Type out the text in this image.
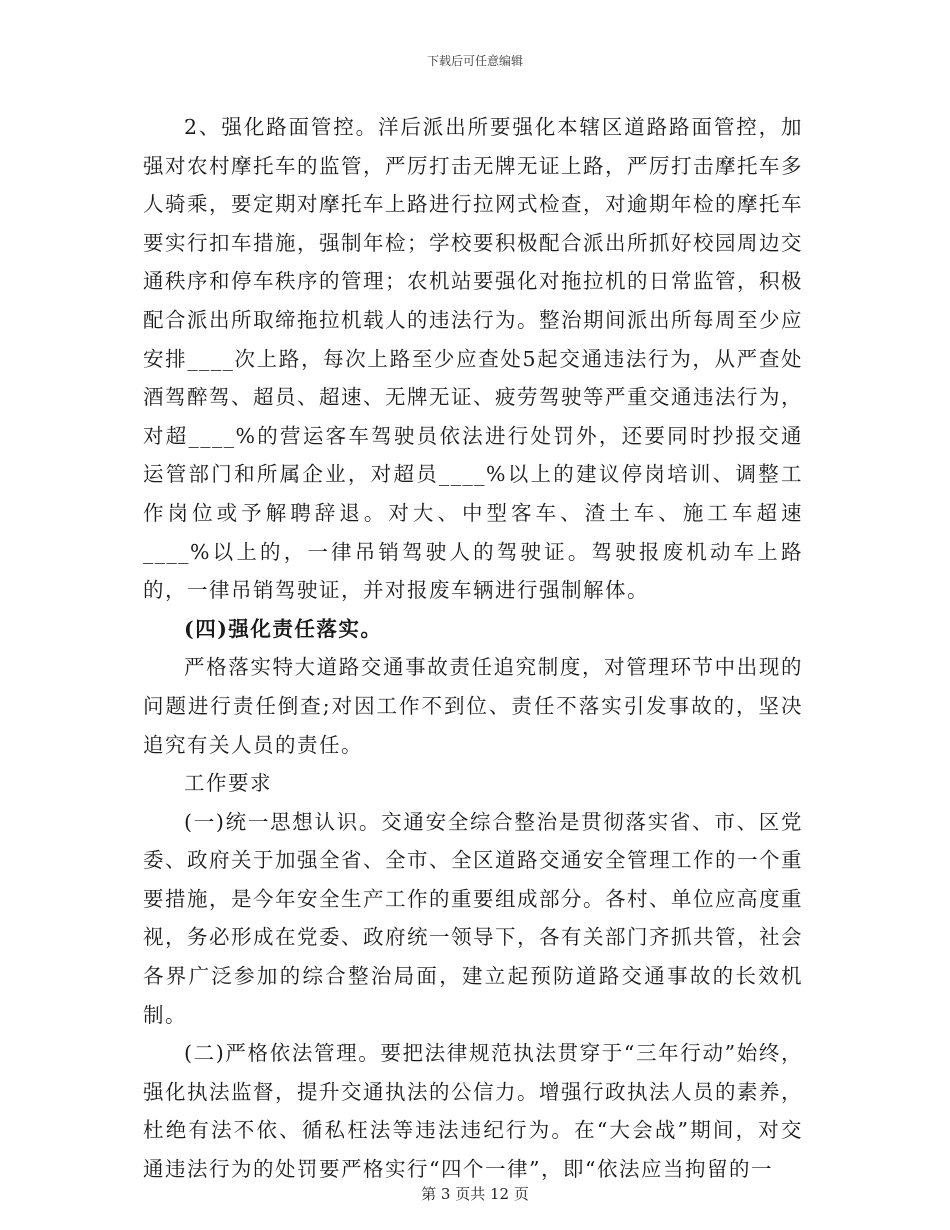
下载后可任意编辑

2、强化路面管控。洋后派出所要强化本辖区道路路面管控，加强对农村摩托车的监管，严厉打击无牌无证上路，严厉打击摩托车多人骑乘，要定期对摩托车上路进行拉网式检查，对逾期年检的摩托车要实行扣车措施，强制年检；学校要积极配合派出所抓好校园周边交通秩序和停车秩序的管理；农机站要强化对拖拉机的日常监管，积极配合派出所取缔拖拉机载人的违法行为。整治期间派出所每周至少应安排____次上路，每次上路至少应查处5起交通违法行为，从严查处酒驾醉驾、超员、超速、无牌无证、疲劳驾驶等严重交通违法行为，对超____%的营运客车驾驶员依法进行处罚外，还要同时抄报交通运管部门和所属企业，对超员____%以上的建议停岗培训、调整工作岗位或予解聘辞退。对大、中型客车、渣土车、施工车超速____%以上的，一律吊销驾驶人的驾驶证。驾驶报废机动车上路的，一律吊销驾驶证，并对报废车辆进行强制解体。

(四)强化责任落实。

严格落实特大道路交通事故责任追究制度，对管理环节中出现的问题进行责任倒查;对因工作不到位、责任不落实引发事故的，坚决追究有关人员的责任。

工作要求

(一)统一思想认识。交通安全综合整治是贯彻落实省、市、区党委、政府关于加强全省、全市、全区道路交通安全管理工作的一个重要措施，是今年安全生产工作的重要组成部分。各村、单位应高度重视，务必形成在党委、政府统一领导下，各有关部门齐抓共管，社会各界广泛参加的综合整治局面，建立起预防道路交通事故的长效机制。

(二)严格依法管理。要把法律规范执法贯穿于“三年行动”始终，强化执法监督，提升交通执法的公信力。增强行政执法人员的素养，杜绝有法不依、循私枉法等违法违纪行为。在“大会战”期间，对交通违法行为的处罚要严格实行“四个一律”，即“依法应当拘留的一

第 3 页共 12 页
